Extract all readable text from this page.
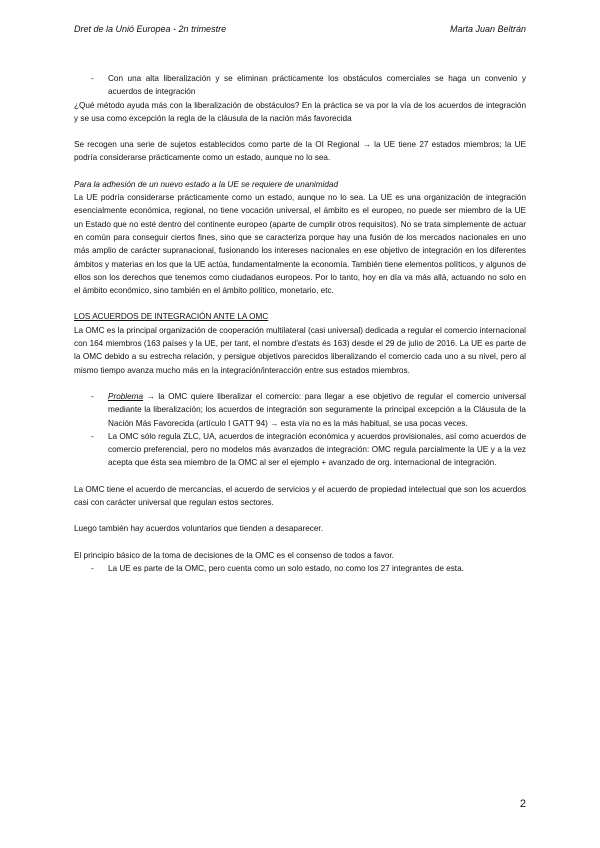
Dret de la Unió Europea - 2n trimestre	Marta Juan Beltrán
- Con una alta liberalización y se eliminan prácticamente los obstáculos comerciales se haga un convenio y acuerdos de integración

¿Qué método ayuda más con la liberalización de obstáculos? En la práctica se va por la vía de los acuerdos de integración y se usa como excepción la regla de la cláusula de la nación más favorecida

Se recogen una serie de sujetos establecidos como parte de la OI Regional → la UE tiene 27 estados miembros; la UE podría considerarse prácticamente como un estado, aunque no lo sea.

Para la adhesión de un nuevo estado a la UE se requiere de unanimidad

La UE podría considerarse prácticamente como un estado, aunque no lo sea. La UE es una organización de integración esencialmente económica, regional, no tiene vocación universal, el ámbito es el europeo, no puede ser miembro de la UE un Estado que no esté dentro del continente europeo (aparte de cumplir otros requisitos). No se trata simplemente de actuar en común para conseguir ciertos fines, sino que se caracteriza porque hay una fusión de los mercados nacionales en uno más amplio de carácter supranacional, fusionando los intereses nacionales en ese objetivo de integración en los diferentes ámbitos y materias en los que la UE actúa, fundamentalmente la economía. También tiene elementos políticos, y algunos de ellos son los derechos que tenemos como ciudadanos europeos. Por lo tanto, hoy en día va más allá, actuando no solo en el ámbito económico, sino también en el ámbito político, monetario, etc.

LOS ACUERDOS DE INTEGRACIÓN ANTE LA OMC

La OMC es la principal organización de cooperación multilateral (casi universal) dedicada a regular el comercio internacional con 164 miembros (163 países y la UE, per tant, el nombre d'estats és 163) desde el 29 de julio de 2016. La UE es parte de la OMC debido a su estrecha relación, y persigue objetivos parecidos liberalizando el comercio cada uno a su nivel, pero al mismo tiempo avanza mucho más en la integración/interacción entre sus estados miembros.

- Problema → la OMC quiere liberalizar el comercio: para llegar a ese objetivo de regular el comercio universal mediante la liberalización; los acuerdos de integración son seguramente la principal excepción a la Cláusula de la Nación Más Favorecida (artículo I GATT 94) → esta vía no es la más habitual, se usa pocas veces.
- La OMC sólo regula ZLC, UA, acuerdos de integración económica y acuerdos provisionales, así como acuerdos de comercio preferencial, pero no modelos más avanzados de integración: OMC regula parcialmente la UE y a la vez acepta que ésta sea miembro de la OMC al ser el ejemplo + avanzado de org. internacional de integración.

La OMC tiene el acuerdo de mercancías, el acuerdo de servicios y el acuerdo de propiedad intelectual que son los acuerdos casi con carácter universal que regulan estos sectores.

Luego también hay acuerdos voluntarios que tienden a desaparecer.

El principio básico de la toma de decisiones de la OMC es el consenso de todos a favor.

- La UE es parte de la OMC, pero cuenta como un solo estado, no como los 27 integrantes de esta.
2
